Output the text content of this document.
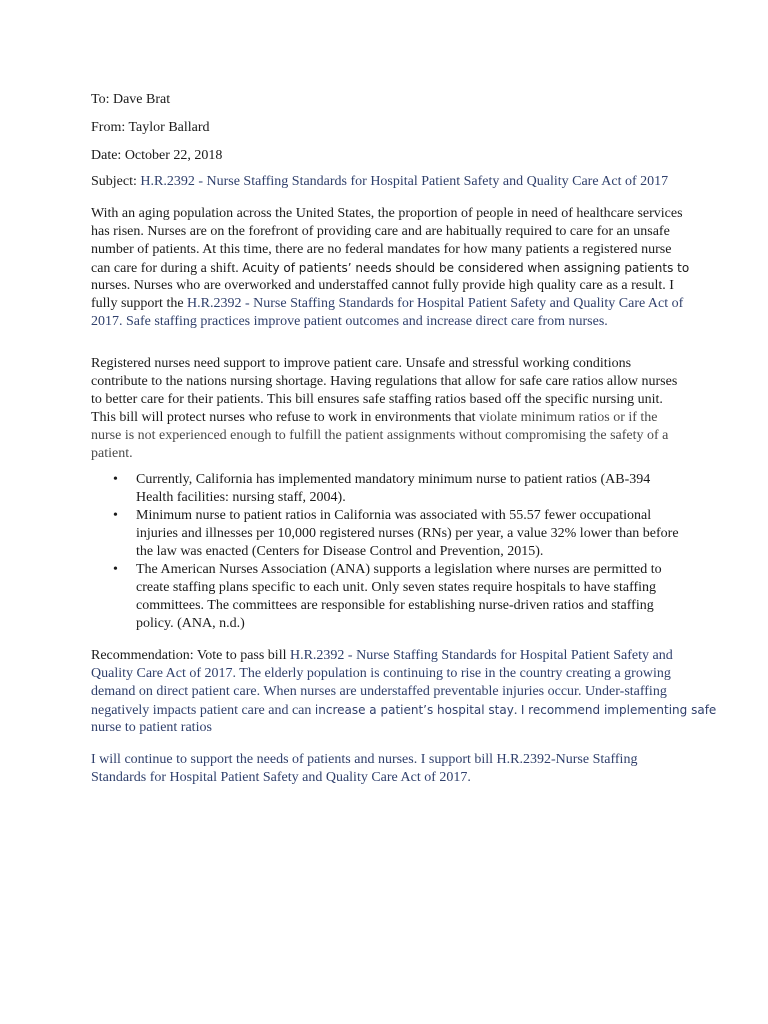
To: Dave Brat

From: Taylor Ballard

Date: October 22, 2018

Subject: H.R.2392 - Nurse Staffing Standards for Hospital Patient Safety and Quality Care Act of 2017

With an aging population across the United States, the proportion of people in need of healthcare services

has risen. Nurses are on the forefront of providing care and are habitually required to care for an unsafe

number of patients. At this time, there are no federal mandates for how many patients a registered nurse

can care for during a shift. Acuity of patients’ needs should be considered when assigning patients to

nurses. Nurses who are overworked and understaffed cannot fully provide high quality care as a result. I

fully support the H.R.2392 - Nurse Staffing Standards for Hospital Patient Safety and Quality Care Act of

2017. Safe staffing practices improve patient outcomes and increase direct care from nurses.

Registered nurses need support to improve patient care. Unsafe and stressful working conditions

contribute to the nations nursing shortage. Having regulations that allow for safe care ratios allow nurses

to better care for their patients. This bill ensures safe staffing ratios based off the specific nursing unit.

This bill will protect nurses who refuse to work in environments that violate minimum ratios or if the

nurse is not experienced enough to fulfill the patient assignments without compromising the safety of a

patient.

• Currently, California has implemented mandatory minimum nurse to patient ratios (AB-394

Health facilities: nursing staff, 2004).

• Minimum nurse to patient ratios in California was associated with 55.57 fewer occupational

injuries and illnesses per 10,000 registered nurses (RNs) per year, a value 32% lower than before

the law was enacted (Centers for Disease Control and Prevention, 2015).

• The American Nurses Association (ANA) supports a legislation where nurses are permitted to

create staffing plans specific to each unit. Only seven states require hospitals to have staffing

committees. The committees are responsible for establishing nurse-driven ratios and staffing

policy. (ANA, n.d.)

Recommendation: Vote to pass bill H.R.2392 - Nurse Staffing Standards for Hospital Patient Safety and

Quality Care Act of 2017. The elderly population is continuing to rise in the country creating a growing

demand on direct patient care. When nurses are understaffed preventable injuries occur. Under-staffing

negatively impacts patient care and can increase a patient’s hospital stay. I recommend implementing safe

nurse to patient ratios

I will continue to support the needs of patients and nurses. I support bill H.R.2392-Nurse Staffing

Standards for Hospital Patient Safety and Quality Care Act of 2017.
